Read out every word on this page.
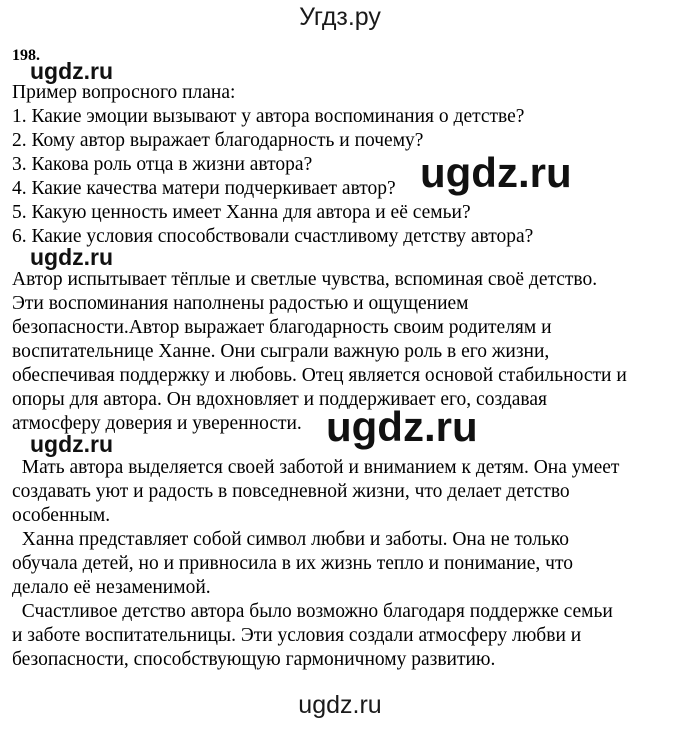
Угдз.ру
198.
Пример вопросного плана:
1. Какие эмоции вызывают у автора воспоминания о детстве?
2. Кому автор выражает благодарность и почему?
3. Какова роль отца в жизни автора?
4. Какие качества матери подчеркивает автор?
5. Какую ценность имеет Ханна для автора и её семьи?
6. Какие условия способствовали счастливому детству автора?
Автор испытывает тёплые и светлые чувства, вспоминая своё детство.
Эти воспоминания наполнены радостью и ощущением
безопасности.Автор выражает благодарность своим родителям и
воспитательнице Ханне. Они сыграли важную роль в его жизни,
обеспечивая поддержку и любовь. Отец является основой стабильности и
опоры для автора. Он вдохновляет и поддерживает его, создавая
атмосферу доверия и уверенности.
Мать автора выделяется своей заботой и вниманием к детям. Она умеет
создавать уют и радость в повседневной жизни, что делает детство
особенным.
Ханна представляет собой символ любви и заботы. Она не только
обучала детей, но и привносила в их жизнь тепло и понимание, что
делало её незаменимой.
Счастливое детство автора было возможно благодаря поддержке семьи
и заботе воспитательницы. Эти условия создали атмосферу любви и
безопасности, способствующую гармоничному развитию.
ugdz.ru
ugdz.ru
ugdz.ru
ugdz.ru
ugdz.ru
ugdz.ru
